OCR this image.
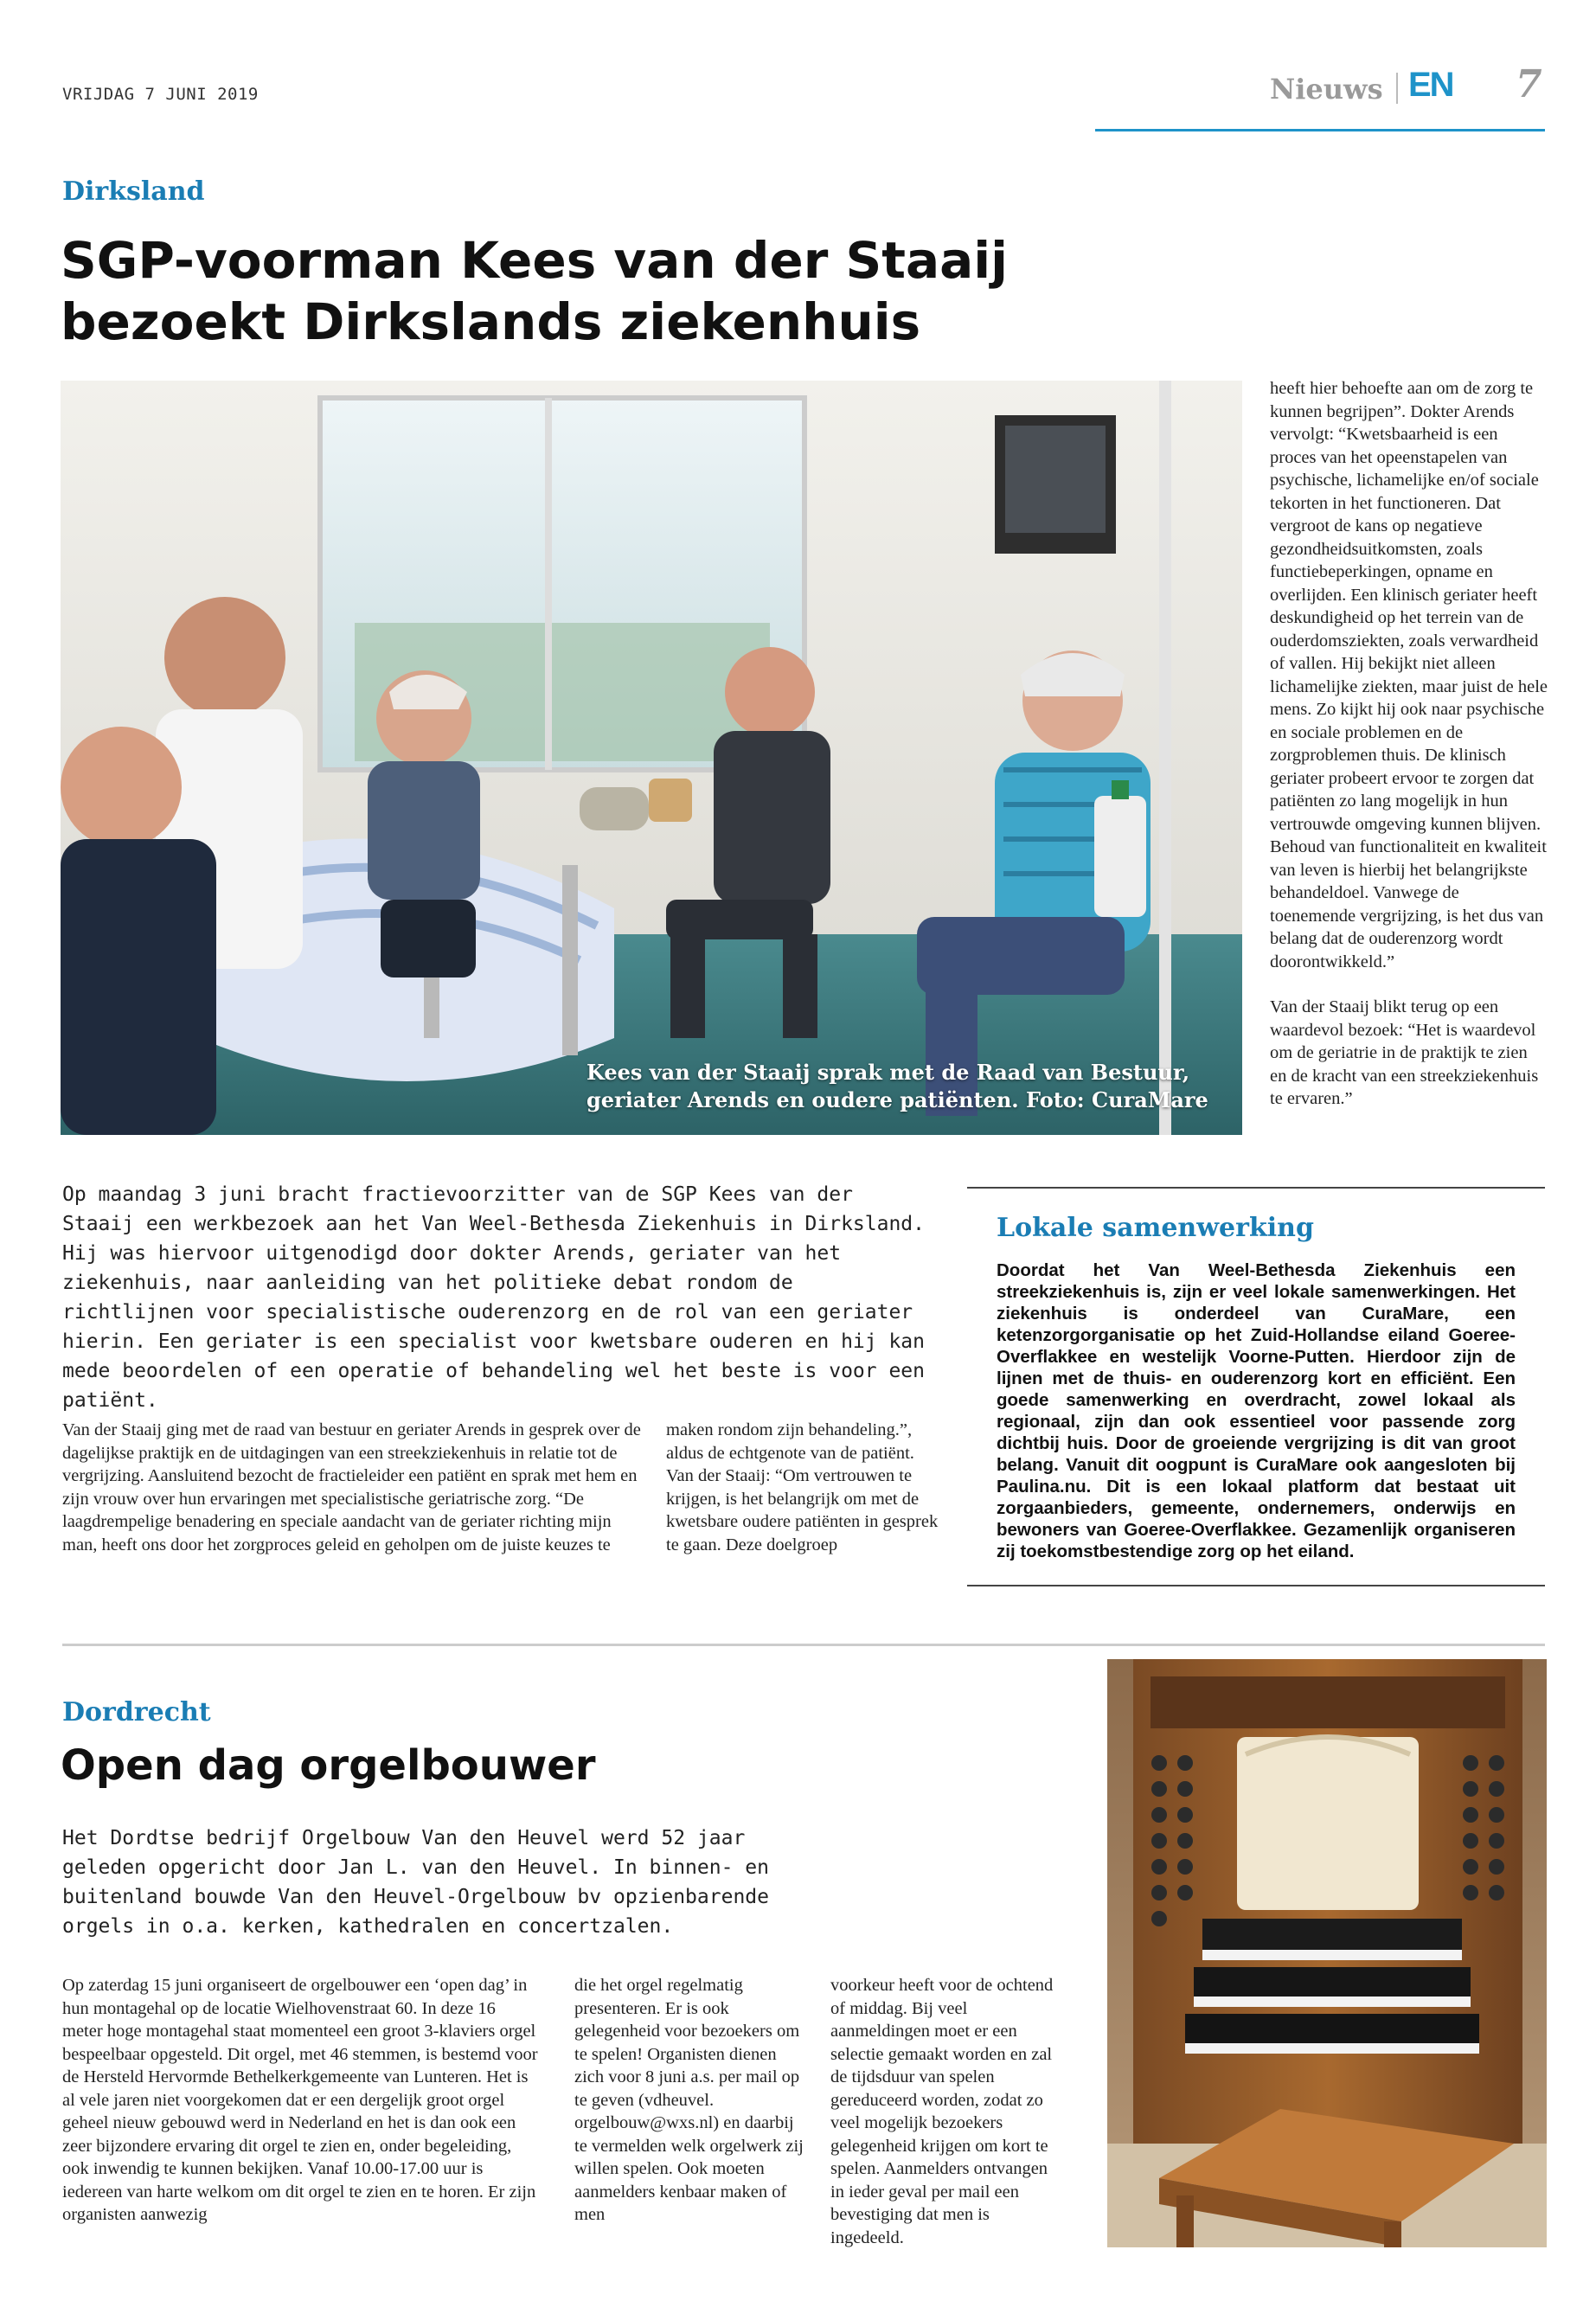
VRIJDAG 7 JUNI 2019	Nieuws EN 7
Dirksland
SGP-voorman Kees van der Staaij
bezoekt Dirkslands ziekenhuis
Kees van der Staaij sprak met de Raad van Bestuur,
geriater Arends en oudere patiënten. Foto: CuraMare

heeft hier behoefte aan om de zorg te kunnen begrijpen”. Dokter Arends vervolgt: “Kwetsbaarheid is een proces van het opeenstapelen van psychische, lichamelijke en/of sociale tekorten in het functioneren. Dat vergroot de kans op negatieve gezondheidsuitkomsten, zoals functiebeperkingen, opname en overlijden. Een klinisch geriater heeft deskundigheid op het terrein van de ouderdomsziekten, zoals verwardheid of vallen. Hij bekijkt niet alleen lichamelijke ziekten, maar juist de hele mens. Zo kijkt hij ook naar psychische en sociale problemen en de zorgproblemen thuis. De klinisch geriater probeert ervoor te zorgen dat patiënten zo lang mogelijk in hun vertrouwde omgeving kunnen blijven. Behoud van functionaliteit en kwaliteit van leven is hierbij het belangrijkste behandeldoel. Vanwege de toenemende vergrijzing, is het dus van belang dat de ouderenzorg wordt doorontwikkeld.”

Van der Staaij blikt terug op een waardevol bezoek: “Het is waardevol om de geriatrie in de praktijk te zien en de kracht van een streekziekenhuis te ervaren.”

Op maandag 3 juni bracht fractievoorzitter van de SGP Kees van der Staaij een werkbezoek aan het Van Weel-Bethesda Ziekenhuis in Dirksland. Hij was hiervoor uitgenodigd door dokter Arends, geriater van het ziekenhuis, naar aanleiding van het politieke debat rondom de richtlijnen voor specialistische ouderenzorg en de rol van een geriater hierin. Een geriater is een specialist voor kwetsbare ouderen en hij kan mede beoordelen of een operatie of behandeling wel het beste is voor een patiënt.
Van der Staaij ging met de raad van bestuur en geriater Arends in gesprek over de dagelijkse praktijk en de uitdagingen van een streekziekenhuis in relatie tot de vergrijzing. Aansluitend bezocht de fractieleider een patiënt en sprak met hem en zijn vrouw over hun ervaringen met specialistische geriatrische zorg. “De laagdrempelige benadering en speciale aandacht van de geriater richting mijn man, heeft ons door het zorgproces geleid en geholpen om de juiste keuzes te

maken rondom zijn behandeling.”, aldus de echtgenote van de patiënt.

Van der Staaij: “Om vertrouwen te krijgen, is het belangrijk om met de kwetsbare oudere patiënten in gesprek te gaan. Deze doelgroep

Lokale samenwerking
Doordat het Van Weel-Bethesda Ziekenhuis een streekziekenhuis is, zijn er veel lokale samenwerkingen. Het ziekenhuis is onderdeel van CuraMare, een ketenzorgorganisatie op het Zuid-Hollandse eiland Goeree-Overflakkee en westelijk Voorne-Putten. Hierdoor zijn de lijnen met de thuis- en ouderenzorg kort en efficiënt. Een goede samenwerking en overdracht, zowel lokaal als regionaal, zijn dan ook essentieel voor passende zorg dichtbij huis. Door de groeiende vergrijzing is dit van groot belang. Vanuit dit oogpunt is CuraMare ook aangesloten bij Paulina.nu. Dit is een lokaal platform dat bestaat uit zorgaanbieders, gemeente, ondernemers, onderwijs en bewoners van Goeree-Overflakkee. Gezamenlijk organiseren zij toekomstbestendige zorg op het eiland.
Dordrecht
Open dag orgelbouwer
Het Dordtse bedrijf Orgelbouw Van den Heuvel werd 52 jaar geleden opgericht door Jan L. van den Heuvel. In binnen- en buitenland bouwde Van den Heuvel-Orgelbouw bv opzienbarende orgels in o.a. kerken, kathedralen en concertzalen.
Op zaterdag 15 juni organiseert de orgelbouwer een ‘open dag’ in hun montagehal op de locatie Wielhovenstraat 60. In deze 16 meter hoge montagehal staat momenteel een groot 3-klaviers orgel bespeelbaar opgesteld. Dit orgel, met 46 stemmen, is bestemd voor de Hersteld Hervormde Bethelkerkgemeente van Lunteren. Het is al vele jaren niet voorgekomen dat er een dergelijk groot orgel geheel nieuw gebouwd werd in Nederland en het is dan ook een zeer bijzondere ervaring dit orgel te zien en, onder begeleiding, ook inwendig te kunnen bekijken. Vanaf 10.00-17.00 uur is iedereen van harte welkom om dit orgel te zien en te horen. Er zijn organisten aanwezig
die het orgel regelmatig presenteren. Er is ook gelegenheid voor bezoekers om te spelen! Organisten dienen zich voor 8 juni a.s. per mail op te geven (vdheuvel. orgelbouw@wxs.nl) en daarbij te vermelden welk orgelwerk zij willen spelen. Ook moeten aanmelders kenbaar maken of men
voorkeur heeft voor de ochtend of middag. Bij veel aanmeldingen moet er een selectie gemaakt worden en zal de tijdsduur van spelen gereduceerd worden, zodat zo veel mogelijk bezoekers gelegenheid krijgen om kort te spelen. Aanmelders ontvangen in ieder geval per mail een bevestiging dat men is ingedeeld.
